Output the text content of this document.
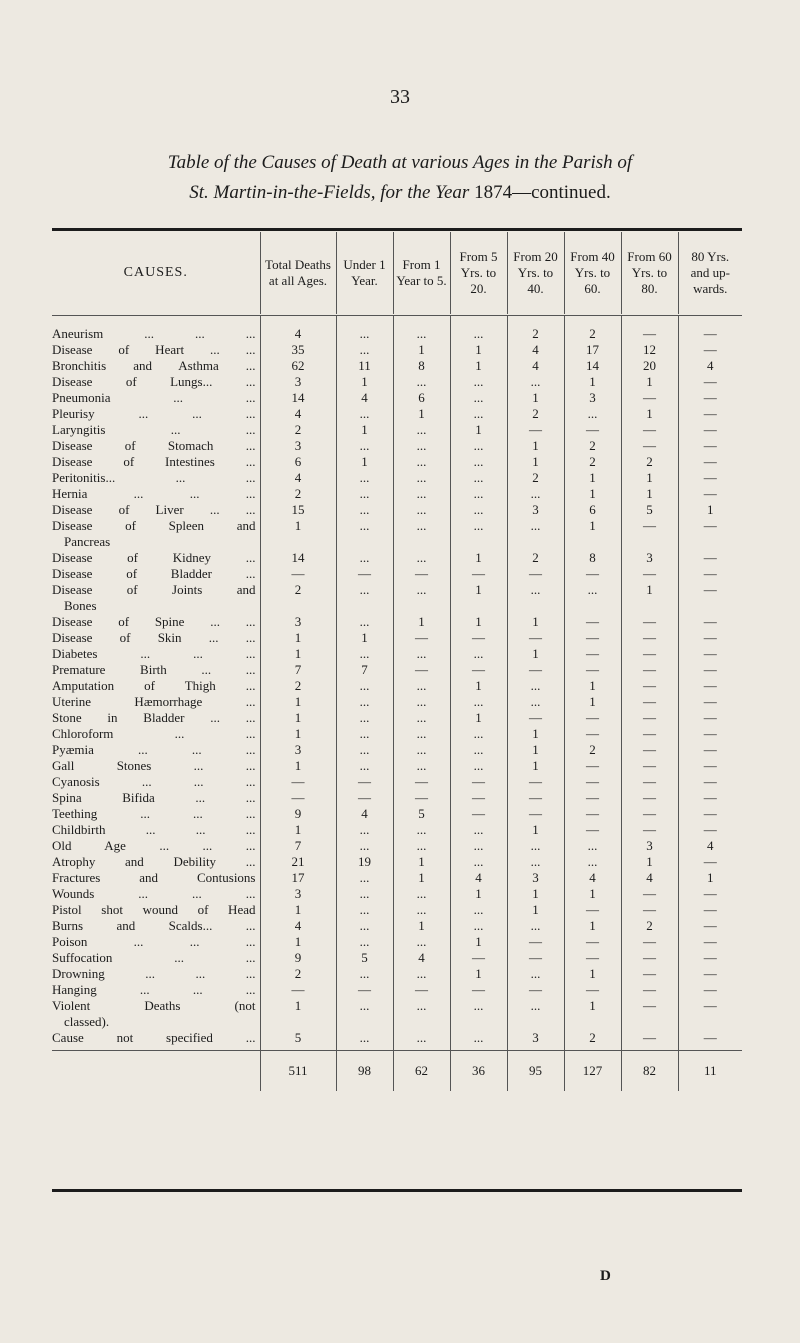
33
Table of the Causes of Death at various Ages in the Parish of
St. Martin-in-the-Fields, for the Year 1874—continued.
CAUSES.	Total Deaths at all Ages.	Under 1 Year.	From 1 Year to 5.	From 5 Yrs. to 20.	From 20 Yrs. to 40.	From 40 Yrs. to 60.	From 60 Yrs. to 80.	80 Yrs. and up-wards.

Aneurism ... ... ...	4	...	...	...	2	2	—	—
Disease of Heart ... ...	35	...	1	1	4	17	12	—
Bronchitis and Asthma ...	62	11	8	1	4	14	20	4
Disease of Lungs... ...	3	1	...	...	...	1	1	—
Pneumonia ... ...	14	4	6	...	1	3	—	—
Pleurisy ... ... ...	4	...	1	...	2	...	1	—
Laryngitis ... ...	2	1	...	1	—	—	—	—
Disease of Stomach ...	3	...	...	...	1	2	—	—
Disease of Intestines ...	6	1	...	...	1	2	2	—
Peritonitis... ... ...	4	...	...	...	2	1	1	—
Hernia ... ... ...	2	...	...	...	...	1	1	—
Disease of Liver ... ...	15	...	...	...	3	6	5	1

Disease of Spleen and
Pancreas	1	...	...	...	...	1	—	—
Disease of Kidney ...	14	...	...	1	2	8	3	—
Disease of Bladder ...	—	—	—	—	—	—	—	—

Disease of Joints and
Bones	2	...	...	1	...	...	1	—
Disease of Spine ... ...	3	...	1	1	1	—	—	—
Disease of Skin ... ...	1	1	—	—	—	—	—	—
Diabetes ... ... ...	1	...	...	...	1	—	—	—
Premature Birth ... ...	7	7	—	—	—	—	—	—
Amputation of Thigh ...	2	...	...	1	...	1	—	—
Uterine Hæmorrhage ...	1	...	...	...	...	1	—	—
Stone in Bladder ... ...	1	...	...	1	—	—	—	—
Chloroform ... ...	1	...	...	...	1	—	—	—
Pyæmia ... ... ...	3	...	...	...	1	2	—	—
Gall Stones ... ...	1	...	...	...	1	—	—	—
Cyanosis ... ... ...	—	—	—	—	—	—	—	—
Spina Bifida ... ...	—	—	—	—	—	—	—	—
Teething ... ... ...	9	4	5	—	—	—	—	—
Childbirth ... ... ...	1	...	...	...	1	—	—	—
Old Age ... ... ...	7	...	...	...	...	...	3	4
Atrophy and Debility ...	21	19	1	...	...	...	1	—
Fractures and Contusions	17	...	1	4	3	4	4	1
Wounds ... ... ...	3	...	...	1	1	1	—	—
Pistol shot wound of Head	1	...	...	...	1	—	—	—
Burns and Scalds... ...	4	...	1	...	...	1	2	—
Poison ... ... ...	1	...	...	1	—	—	—	—
Suffocation ... ...	9	5	4	—	—	—	—	—
Drowning ... ... ...	2	...	...	1	...	1	—	—
Hanging ... ... ...	—	—	—	—	—	—	—	—

Violent Deaths (not
classed).	1	...	...	...	...	1	—	—
Cause not specified ...	5	...	...	...	3	2	—	—

	511	98	62	36	95	127	82	11
D
